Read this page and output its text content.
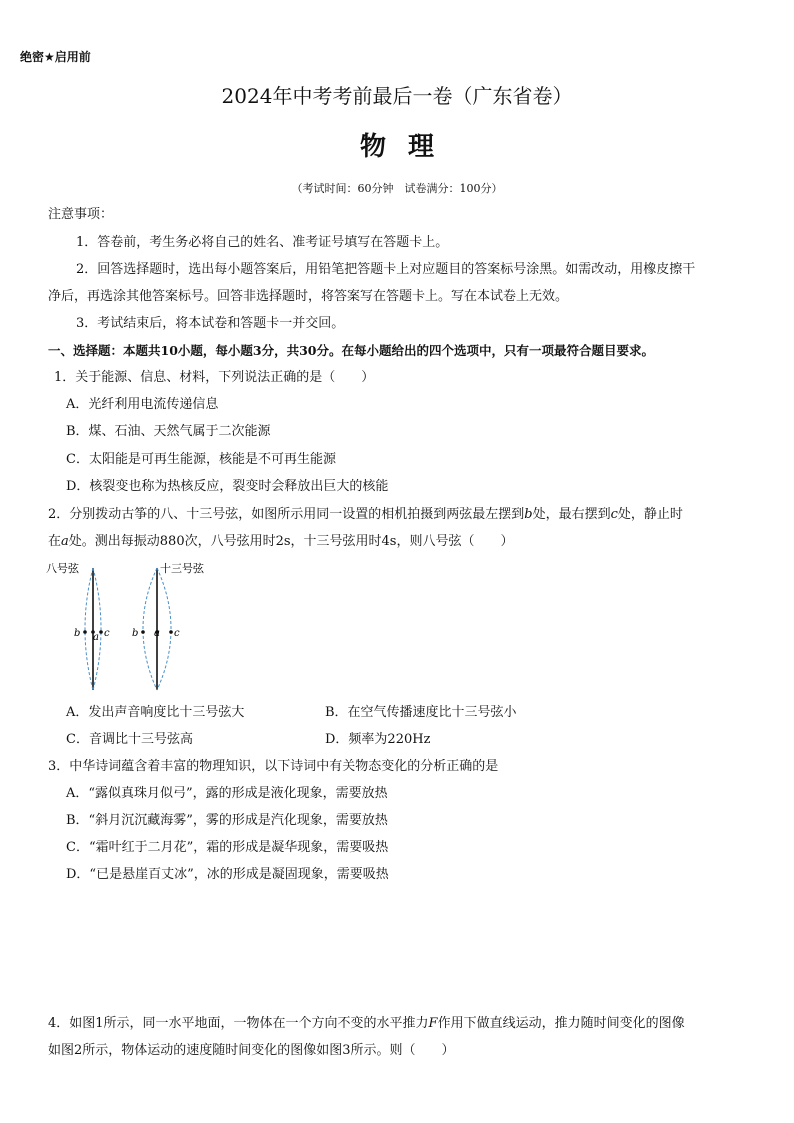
绝密★启用前
2024年中考考前最后一卷（广东省卷）
物理
（考试时间：60分钟　试卷满分：100分）
注意事项：
1．答卷前，考生务必将自己的姓名、准考证号填写在答题卡上。
2．回答选择题时，选出每小题答案后，用铅笔把答题卡上对应题目的答案标号涂黑。如需改动，用橡皮擦干
净后，再选涂其他答案标号。回答非选择题时，将答案写在答题卡上。写在本试卷上无效。
3．考试结束后，将本试卷和答题卡一并交回。
一、选择题：本题共10小题，每小题3分，共30分。在每小题给出的四个选项中，只有一项最符合题目要求。
1．关于能源、信息、材料，下列说法正确的是（　　）
A．光纤利用电流传递信息
B．煤、石油、天然气属于二次能源
C．太阳能是可再生能源，核能是不可再生能源
D．核裂变也称为热核反应，裂变时会释放出巨大的核能
2．分别拨动古筝的八、十三号弦，如图所示用同一设置的相机拍摄到两弦最左摆到b处，最右摆到c处，静止时
在a处。测出每振动880次，八号弦用时2s，十三号弦用时4s，则八号弦（　　）
八号弦	十三号弦
b a c b a c
A．发出声音响度比十三号弦大	B．在空气传播速度比十三号弦小
C．音调比十三号弦高	D．频率为220Hz
3．中华诗词蕴含着丰富的物理知识，以下诗词中有关物态变化的分析正确的是
A．“露似真珠月似弓”，露的形成是液化现象，需要放热
B．“斜月沉沉藏海雾”，雾的形成是汽化现象，需要放热
C．“霜叶红于二月花”，霜的形成是凝华现象，需要吸热
D．“已是悬崖百丈冰”，冰的形成是凝固现象，需要吸热
4．如图1所示，同一水平地面，一物体在一个方向不变的水平推力F作用下做直线运动，推力随时间变化的图像
如图2所示，物体运动的速度随时间变化的图像如图3所示。则（　　）
